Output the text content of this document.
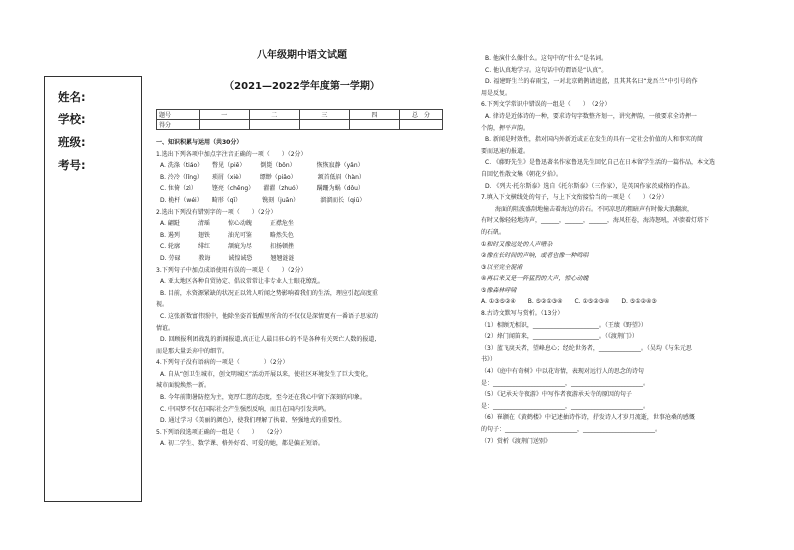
姓名:
学校:
班级:
考号:
八年级期中语文试题
（2021—2022学年度第一学期）
题号	一	二	三	四	总　分
得分					
一、知识积累与运用（共30分）
1.选出下列各项中加点字注音正确的一项（　　）（2分）
A. 洗涤（tiáo）　　瞥见（piē）　　　倒毙（bǒn）　　　　恢恢寂静（yǎn）
B. 泠冷（lǐng）　　琐屑（xiè）　　　缥缈（piǎo）　　　　颔首低眉（hàn）
C. 隹倚（zì）　　　铿亮（chēng）　　濯濯（zhuó）　　　蹒跚为蜗（dǒu）
D. 桅杆（wéi）　　畸形（qī）　　　　镌刻（juān）　　　　溜溜而长（qiū）
2.选出下列没有错别字的一项（　　）（2分）
A. 翩跹　　　清瑶　　　惊心动魄　　　正襟危坐
B. 遏列　　　翅铁　　　油光可鉴　　　略然失色
C. 轮廓　　　绯红　　　颔疵为尽　　　扣扬顿挫
D. 劳碌　　　教诲　　　诚惶诚恐　　　翘翘涟涟
3.下列句子中加点成语使用有误的一项是（　　）（2分）
A. 亚太地区各种自贸协定、倡议常常让非专业人士眼花缭乱。
B. 目前，水资源紧缺的状况正以耸人听闻之势影响着我们的生活，理应引起高度重
视。
C. 这张新数富伟照中，他除坐姿首低醒里所含的不仅仅是深情更有一番语子思家的
情谊。
D. 回顾报利团战乱的新闻报道,真正让人最目驻心的不是各种有关死亡人数的报道,
而是那大量丢弃中的细节。
4.下列句子没有语病的一项是（　　　　）（2分）
A. 自从“创卫生城市，创文明城区”活动开展以来，使社区环境发生了巨大变化，
城市面貌焕然一新。
B. 今年前期暑防控为主，宽厚仁慈的态度，至今还在我心中留下深刻的印象。
C. 中国梦不仅在国际社会产生强烈反响，而且在国内引发共鸣。
D. 通过学习《美丽的颜色》，使我们理解了执着、坚强地式的重要性。
5.下列语段选项正确的一组是（　　）　　（2分）
A. 初二学生、数学课、格外好看、可爱的她，都是偏正短语。
B. 他演什么像什么。这句中的“什么”是名词。
C. 他认真地学习。这句话中的谓语是“认真”。
D. 福建野生兰的春雨宝，一对北京鹤鹊请追蓝，且其其名曰“龙吾兰”中引号的作
用是反复。
6.下列文学常识中错误的一组是（　　）　（2分）
A. 律诗是近体诗的一种，要求诗句字数整齐划一，讲究押韵，一般要求全诗押一
个韵，押平声韵。
B. 新闻是时效性，指对国内外新近或正在发生的具有一定社会价值的人和事实的简
要而迅速的报道。
C. 《藤野先生》是鲁迅著名作家鲁迅先生回忆自己在日本留学生活的一篇作品，本文选
自回忆性散文集《朝花夕拾》。
D. 《列夫·托尔斯泰》选自《托尔斯泰》（三作家），是英国作家茨威格的作品。
7.填入下文横线处的句子，与上下文衔接恰当的一项是（　　）（2分）
海面的阻波盛刮地撞击着海边的岩石。不同凉思的粗暗声有时像大浪翻滚，
有时又像轻轻地涛声，______，______，______，海风狂卷，海涛怒吼，冲溃着灯塔下
的石矾。
①和时又像远处的人声嘈杂
②像在长时间的声响，或者也像一种鸣唱
③以至完全混淆
④再后来又是一阵猛烈的大声，惊心动魄
⑤像森林呼啸
A. ①③⑤②④　　B. ⑤②①③④　　C. ①⑤②③④　　D. ⑤①②④③
8.古诗文默写与赏析。（13分）
（1）相顾无相识，______________________。（王绩《野望》）
（2）烽门闻笛来，______________________。（《渡荆门》）
（3）蓝飞戾天者，望峰息心；经纶世务者，______________。（吴均《与朱元思
书》）
（4）《庭中有奇树》中以花寄情，表现对远行人的思念的诗句
是：________________________，________________________。
（5）《记承天寺夜游》中写作者夜游承天寺的原因的句子
是：________________________，________________________。
（6）崔颢在《黄鹤楼》中记述抽诗作诗，抒发诗人才岁月流逝，世事沧桑的感慨
的句子：________________________，________________________。
（7）赏析《渡荆门送别》
